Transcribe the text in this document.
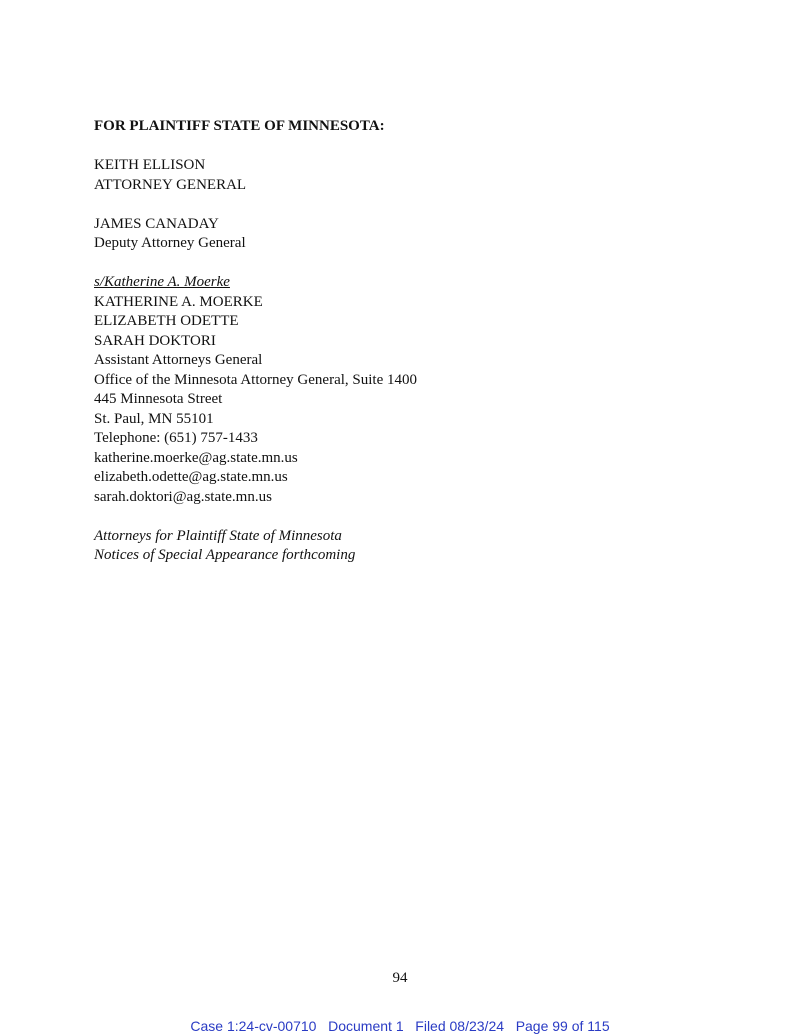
FOR PLAINTIFF STATE OF MINNESOTA:
KEITH ELLISON
ATTORNEY GENERAL
JAMES CANADAY
Deputy Attorney General
s/Katherine A. Moerke
KATHERINE A. MOERKE
ELIZABETH ODETTE
SARAH DOKTORI
Assistant Attorneys General
Office of the Minnesota Attorney General, Suite 1400
445 Minnesota Street
St. Paul, MN 55101
Telephone: (651) 757-1433
katherine.moerke@ag.state.mn.us
elizabeth.odette@ag.state.mn.us
sarah.doktori@ag.state.mn.us
Attorneys for Plaintiff State of Minnesota
Notices of Special Appearance forthcoming
94
Case 1:24-cv-00710 Document 1 Filed 08/23/24 Page 99 of 115
